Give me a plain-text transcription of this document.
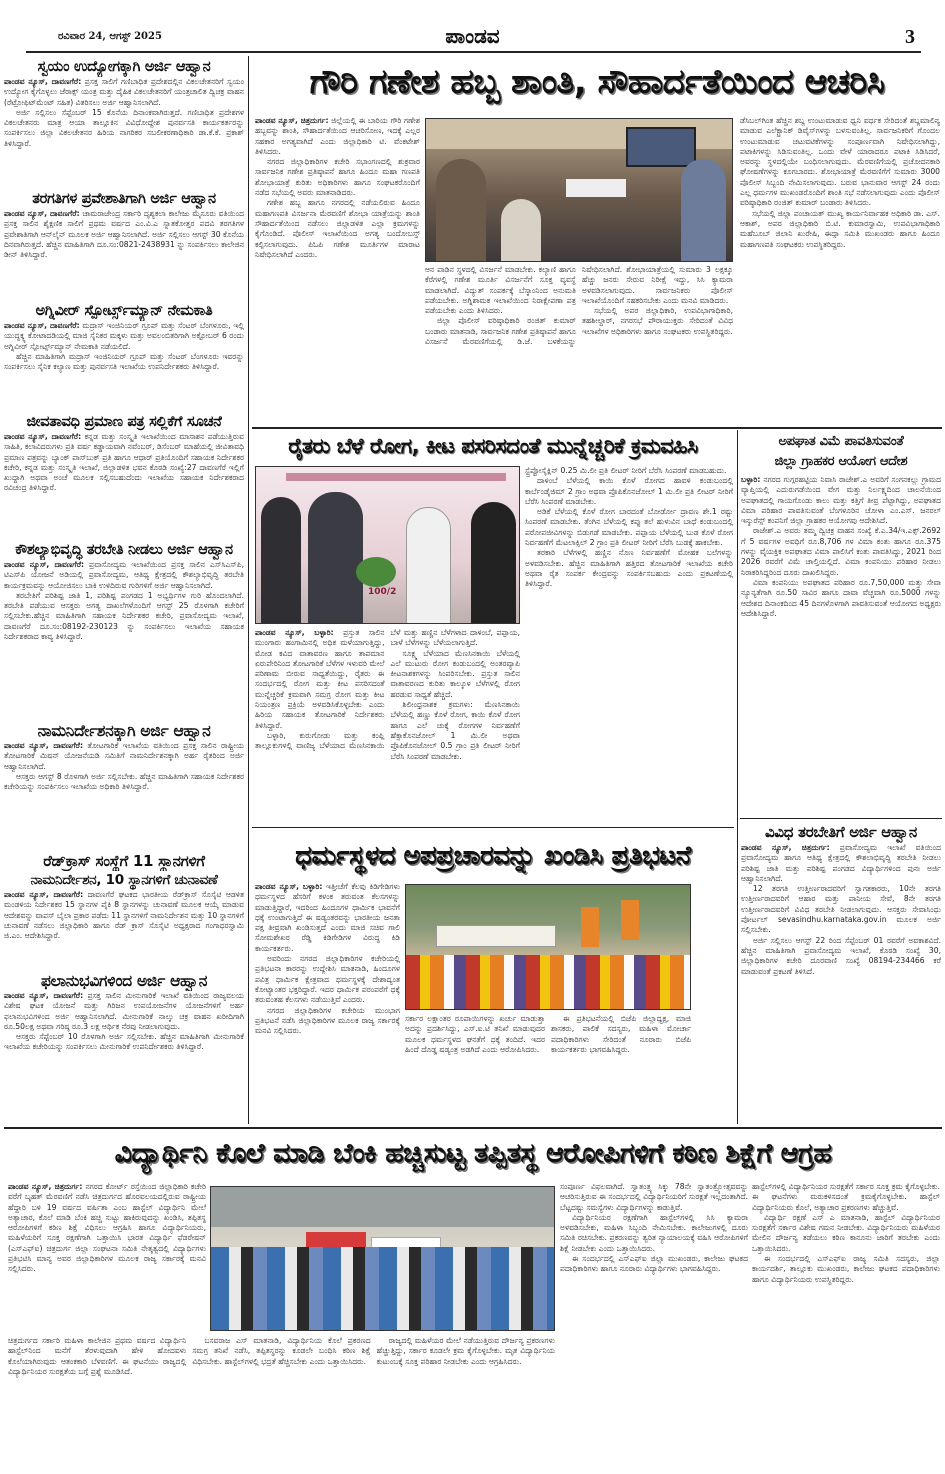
ರವಿವಾರ 24, ಆಗಸ್ಟ್ 2025	ಪಾಂಡವ	3
ಸ್ವಯಂ ಉದ್ಯೋಗಕ್ಕಾಗಿ ಅರ್ಜಿ ಆಹ್ವಾನ

ಪಾಂಡವ ನ್ಯೂಸ್, ದಾವಣಗೆರೆ: ಪ್ರಸಕ್ತ ಸಾಲಿಗೆ ಗಣಿಬಾಧಿತ ಪ್ರದೇಶದಲ್ಲಿನ ವಿಕಲಚೇತನರಿಗೆ ಸ್ವಯಂ ಉದ್ಯೋಗ ಕೈಗೊಳ್ಳಲು ಜೆರಾಕ್ಸ್ ಯಂತ್ರ ಮತ್ತು ದೈಹಿಕ ವಿಕಲಚೇತನರಿಗೆ ಯಂತ್ರಚಾಲಿತ ದ್ವಿಚಕ್ರ ವಾಹನ (ರೆಟ್ರೋಫಿಟ್‌ಮೆಂಟ್ ಸಹಿತ) ವಿತರಿಸಲು ಅರ್ಜಿ ಆಹ್ವಾನಿಸಲಾಗಿದೆ.

ಅರ್ಜಿ ಸಲ್ಲಿಸಲು ಸೆಪ್ಟೆಂಬರ್ 15 ಕೊನೆಯ ದಿನಾಂಕವಾಗಿರುತ್ತದೆ. ಗಣಿಬಾಧಿತ ಪ್ರದೇಶಗಳ ವಿಕಲಚೇತನರು ಮಾತ್ರ ಆಯಾ ತಾಲ್ಲೂಕಿನ ವಿವಿಧೋದ್ದೇಶ ಪುನರ್ವಸತಿ ಕಾರ್ಯಕರ್ತರನ್ನು ಸಂಪರ್ಕಿಸಲು ಜಿಲ್ಲಾ ವಿಕಲಚೇತನರ ಹಿರಿಯ ನಾಗರಿಕರ ಸಬಲೀಕರಣಾಧಿಕಾರಿ ಡಾ.ಕೆ.ಕೆ. ಪ್ರಕಾಶ್ ತಿಳಿಸಿದ್ದಾರೆ.

ತರಗತಿಗಳ ಪ್ರವೇಶಾತಿಗಾಗಿ ಅರ್ಜಿ ಆಹ್ವಾನ

ಪಾಂಡವ ನ್ಯೂಸ್, ದಾವಣಗೆರೆ: ಚಾಮರಾಜೇಂದ್ರ ಸರ್ಕಾರಿ ದೃಶ್ಯಕಲಾ ಕಾಲೇಜು ಮೈಸೂರು ವತಿಯಿಂದ ಪ್ರಸಕ್ತ ಸಾಲಿನ ಶೈಕ್ಷಣಿಕ ಸಾಲಿಗೆ ಪ್ರಥಮ ವರ್ಷದ ಎಂ.ವಿ.ಎ ಸ್ನಾತಕೋತ್ತರ ಪದವಿ ತರಗತಿಗಳ ಪ್ರವೇಶಾತಿಗಾಗಿ ಆನ್‌ಲೈನ್ ಮೂಲಕ ಅರ್ಜಿ ಆಹ್ವಾನಿಸಲಾಗಿದೆ. ಅರ್ಜಿ ಸಲ್ಲಿಸಲು ಆಗಸ್ಟ್ 30 ಕೊನೆಯ ದಿನವಾಗಿರುತ್ತದೆ. ಹೆಚ್ಚಿನ ಮಾಹಿತಿಗಾಗಿ ದೂ.ಸಂ:0821-2438931 ನ್ನು ಸಂಪರ್ಕಿಸಲು ಕಾಲೇಜಿನ ಡೀನ್ ತಿಳಿಸಿದ್ದಾರೆ.

ಅಗ್ನಿವೀರ್ ಸ್ಪೋರ್ಟ್ಸ್‌ಮ್ಯಾನ್ ನೇಮಕಾತಿ

ಪಾಂಡವ ನ್ಯೂಸ್, ದಾವಣಗೆರೆ: ಮದ್ರಾಸ್ ಇಂಜಿನಿಯರ್ ಗ್ರೂಪ್ ಮತ್ತು ಸೆಂಟರ್ ಬೆಂಗಳೂರು, ಇಲ್ಲಿ ಯುದ್ಧಕ್ಕ್ಯ ಕೋಟಾದಡಿಯಲ್ಲಿ ಮಾಜಿ ಸೈನಿಕರ ಮಕ್ಕಳು ಮತ್ತು ಅವಲಂಬಿತರಿಗಾಗಿ ಅಕ್ಟೋಬರ್ 6 ರಂದು ಅಗ್ನಿವೀರ್ ಸ್ಪೋರ್ಟ್ಸ್‌ಮ್ಯಾನ್ ನೇಮಕಾತಿ ನಡೆಯಲಿದೆ.

ಹೆಚ್ಚಿನ ಮಾಹಿತಿಗಾಗಿ ಮದ್ರಾಸ್ ಇಂಜಿನಿಯರ್ ಗ್ರೂಪ್ ಮತ್ತು ಸೆಂಟರ್ ಬೆಂಗಳೂರು ಇವರನ್ನು ಸಂಪರ್ಕಿಸಲು ಸೈನಿಕ ಕಲ್ಯಾಣ ಮತ್ತು ಪುನರ್ವಸತಿ ಇಲಾಖೆಯ ಉಪನಿರ್ದೇಶಕರು ತಿಳಿಸಿದ್ದಾರೆ.

ಜೀವತಾವಧಿ ಪ್ರಮಾಣ ಪತ್ರ ಸಲ್ಲಿಕೆಗೆ ಸೂಚನೆ

ಪಾಂಡವ ನ್ಯೂಸ್, ದಾವಣಗೆರೆ: ಕನ್ನಡ ಮತ್ತು ಸಂಸ್ಕೃತಿ ಇಲಾಖೆಯಿಂದ ಮಾಸಾಶನ ಪಡೆಯುತ್ತಿರುವ ಸಾಹಿತಿ, ಕಲಾವಿದರುಗಳು ಪ್ರತಿ ವರ್ಷ ಕಡ್ಡಾಯವಾಗಿ ನವೆಂಬರ್, ಡಿಸೆಂಬರ್ ಮಾಹೆಯಲ್ಲಿ ಜೀವಿತಾವಧಿ ಪ್ರಮಾಣ ಪತ್ರವನ್ನು ಬ್ಯಾಂಕ್ ಪಾಸ್‌ಬುಕ್ ಪ್ರತಿ ಹಾಗೂ ಆಧಾರ್ ಪ್ರತಿಯೊಂದಿಗೆ ಸಹಾಯಕ ನಿರ್ದೇಶಕರ ಕಚೇರಿ, ಕನ್ನಡ ಮತ್ತು ಸಂಸ್ಕೃತಿ ಇಲಾಖೆ, ಜಿಲ್ಲಾಡಳಿತ ಭವನ ಕೊಠಡಿ ಸಂಖ್ಯೆ:27 ದಾವಣಗೆರೆ ಇಲ್ಲಿಗೆ ಖುದ್ದಾಗಿ ಅಥವಾ ಅಂಚೆ ಮೂಲಕ ಸಲ್ಲಿಸಬಹುದೆಂದು ಇಲಾಖೆಯ ಸಹಾಯಕ ನಿರ್ದೇಶಕರಾದ ರವಿಚಂದ್ರ ತಿಳಿಸಿದ್ದಾರೆ.

ಕೌಶಲ್ಯಾಭಿವೃದ್ಧಿ ತರಬೇತಿ ನೀಡಲು ಅರ್ಜಿ ಆಹ್ವಾನ

ಪಾಂಡವ ನ್ಯೂಸ್, ದಾವಣಗೆರೆ: ಪ್ರವಾಸೋದ್ಯಮ ಇಲಾಖೆಯಿಂದ ಪ್ರಸಕ್ತ ಸಾಲಿನ ಎಸ್‌ಸಿಎಸ್‌ಪಿ, ಟಿಎಸ್‌ಪಿ ಯೋಜನೆ ಅಡಿಯಲ್ಲಿ ಪ್ರವಾಸೋದ್ಯಮ, ಆತಿಥ್ಯ ಕ್ಷೇತ್ರದಲ್ಲಿ ಕೌಶಲ್ಯಾಭಿವೃದ್ಧಿ ತರಬೇತಿ ಕಾರ್ಯಕ್ರಮವನ್ನು ಆಯೋಜಿಸಲು ಬಾಕಿ ಉಳಿದಿರುವ ಗುರಿಗಳಿಗೆ ಅರ್ಜಿ ಆಹ್ವಾನಿಸಲಾಗಿದೆ.

ತರಬೇತಿಗೆ ಪರಿಶಿಷ್ಟ ಜಾತಿ 1, ಪರಿಶಿಷ್ಟ ಪಂಗಡದ 1 ಅಭ್ಯರ್ಥಿಗಳ ಗುರಿ ಹೊಂದಲಾಗಿದೆ. ತರಬೇತಿ ಪಡೆಯುವ ಆಸಕ್ತರು ಅಗತ್ಯ ದಾಖಲೆಗಳೊಂದಿಗೆ ಆಗಸ್ಟ್ 25 ರೊಳಗಾಗಿ ಕಚೇರಿಗೆ ಸಲ್ಲಿಸಬೇಕು.ಹೆಚ್ಚಿನ ಮಾಹಿತಿಗಾಗಿ ಸಹಾಯಕ ನಿರ್ದೇಶಕರ ಕಚೇರಿ, ಪ್ರವಾಸೋದ್ಯಮ ಇಲಾಖೆ, ದಾವಣಗೆರೆ ದೂ.ಸಂ:08192-230123 ನ್ನು ಸಂಪರ್ಕಿಸಲು ಇಲಾಖೆಯ ಸಹಾಯಕ ನಿರ್ದೇಶಕರಾದ ಕಾವ್ಯ ತಿಳಿಸಿದ್ದಾರೆ.

ನಾಮನಿರ್ದೇಶನಕ್ಕಾಗಿ ಅರ್ಜಿ ಆಹ್ವಾನ

ಪಾಂಡವ ನ್ಯೂಸ್, ದಾವಣಗೆರೆ: ತೋಟಗಾರಿಕೆ ಇಲಾಖೆಯ ವತಿಯಿಂದ ಪ್ರಸಕ್ತ ಸಾಲಿನ ರಾಷ್ಟ್ರೀಯ ತೋಟಗಾರಿಕೆ ಮಿಷನ್ ಯೋಜನೆಯಡಿ ಸಮಿತಿಗೆ ನಾಮನಿರ್ದೇಶನಕ್ಕಾಗಿ ಅರ್ಹ ರೈತರಿಂದ ಅರ್ಜಿ ಆಹ್ವಾನಿಸಲಾಗಿದೆ.

ಆಸಕ್ತರು ಆಗಸ್ಟ್ 8 ರೊಳಗಾಗಿ ಅರ್ಜಿ ಸಲ್ಲಿಸಬೇಕು. ಹೆಚ್ಚಿನ ಮಾಹಿತಿಗಾಗಿ ಸಹಾಯಕ ನಿರ್ದೇಶಕರ ಕಚೇರಿಯನ್ನು ಸಂಪರ್ಕಿಸಲು ಇಲಾಖೆಯ ಅಧಿಕಾರಿ ತಿಳಿಸಿದ್ದಾರೆ.

ರೆಡ್‌ಕ್ರಾಸ್ ಸಂಸ್ಥೆಗೆ 11 ಸ್ಥಾನಗಳಿಗೆ
ನಾಮನಿರ್ದೇಶನ, 10 ಸ್ಥಾನಗಳಿಗೆ ಚುನಾವಣೆ

ಪಾಂಡವ ನ್ಯೂಸ್, ದಾವಣಗೆರೆ: ದಾವಣಗೆರೆ ಘಟಕದ ಭಾರತೀಯ ರೆಡ್‌ಕ್ರಾಸ್ ಸೊಸೈಟಿ ಆಡಳಿತ ಮಂಡಳಿಯ ನಿರ್ದೇಶಕರ 15 ಸ್ಥಾನಗಳ ಪೈಕಿ 8 ಸ್ಥಾನಗಳನ್ನು ಚುನಾವಣೆ ಮೂಲಕ ಆಯ್ಕೆ ಮಾಡುವ ಆದೇಶವನ್ನು ವಾಪಸ್ ಬೈಲಾ ಪ್ರಕಾರ ಪಡೆದು 11 ಸ್ಥಾನಗಳಿಗೆ ನಾಮನಿರ್ದೇಶನ ಮತ್ತು 10 ಸ್ಥಾನಗಳಿಗೆ ಚುನಾವಣೆ ನಡೆಸಲು ಜಿಲ್ಲಾಧಿಕಾರಿ ಹಾಗೂ ರೆಡ್ ಕ್ರಾಸ್ ಸೊಸೈಟಿ ಅಧ್ಯಕ್ಷರಾದ ಗಂಗಾಧರಸ್ವಾಮಿ ಜಿ.ಎಂ. ಆದೇಶಿಸಿದ್ದಾರೆ.

ಫಲಾನುಭವಿಗಳಿಂದ ಅರ್ಜಿ ಆಹ್ವಾನ

ಪಾಂಡವ ನ್ಯೂಸ್, ದಾವಣಗೆರೆ: ಪ್ರಸಕ್ತ ಸಾಲಿನ ಮೀನುಗಾರಿಕೆ ಇಲಾಖೆ ವತಿಯಿಂದ ರಾಜ್ಯವಲಯ ವಿಶೇಷ ಘಟಕ ಯೋಜನೆ ಮತ್ತು ಗಿರಿಜನ ಉಪಯೋಜನೆಗಳ ಯೋಜನೆಗಳಿಗೆ ಅರ್ಹ ಫಲಾನುಭವಿಗಳಿಂದ ಅರ್ಜಿ ಆಹ್ವಾನಿಸಲಾಗಿದೆ. ಮೀನುಗಾರಿಕೆ ನಾಲ್ಕು ಚಕ್ರ ವಾಹನ ಖರೀದಿಗಾಗಿ ರೂ.50ಲಕ್ಷ ಅಥವಾ ಗರಿಷ್ಠ ರೂ.3 ಲಕ್ಷ ಆರ್ಥಿಕ ನೆರವು ನೀಡಲಾಗುವುದು.

ಆಸಕ್ತರು ಸೆಪ್ಟೆಂಬರ್ 10 ರೊಳಗಾಗಿ ಅರ್ಜಿ ಸಲ್ಲಿಸಬೇಕು. ಹೆಚ್ಚಿನ ಮಾಹಿತಿಗಾಗಿ ಮೀನುಗಾರಿಕೆ ಇಲಾಖೆಯ ಕಚೇರಿಯನ್ನು ಸಂಪರ್ಕಿಸಲು ಮೀನುಗಾರಿಕೆ ಉಪನಿರ್ದೇಶಕರು ತಿಳಿಸಿದ್ದಾರೆ.

ಗೌರಿ ಗಣೇಶ ಹಬ್ಬ ಶಾಂತಿ, ಸೌಹಾರ್ದತೆಯಿಂದ ಆಚರಿಸಿ

ಪಾಂಡವ ನ್ಯೂಸ್, ಚಿತ್ರದುರ್ಗ: ಜಿಲ್ಲೆಯಲ್ಲಿ ಈ ಬಾರಿಯ ಗೌರಿ ಗಣೇಶ ಹಬ್ಬವನ್ನು ಶಾಂತಿ, ಸೌಹಾರ್ದತೆಯಿಂದ ಆಚರಿಸೋಣ, ಇದಕ್ಕೆ ಎಲ್ಲರ ಸಹಕಾರ ಅಗತ್ಯವಾಗಿದೆ ಎಂದು ಜಿಲ್ಲಾಧಿಕಾರಿ ಟಿ. ವೆಂಕಟೇಶ್ ತಿಳಿಸಿದರು.

ನಗರದ ಜಿಲ್ಲಾಧಿಕಾರಿಗಳ ಕಚೇರಿ ಸಭಾಂಗಣದಲ್ಲಿ ಶುಕ್ರವಾರ ಸಾರ್ವಜನಿಕ ಗಣೇಶ ಪ್ರತಿಷ್ಠಾಪನೆ ಹಾಗೂ ಹಿಂದೂ ಮಹಾ ಗಣಪತಿ ಶೋಭಾಯಾತ್ರೆ ಕುರಿತು ಅಧಿಕಾರಿಗಳು ಹಾಗೂ ಸಂಘಟಕರೊಂದಿಗೆ ನಡೆದ ಸಭೆಯಲ್ಲಿ ಅವರು ಮಾತನಾಡಿದರು.

ಗಣೇಶ ಹಬ್ಬ ಹಾಗೂ ನಗರದಲ್ಲಿ ನಡೆಯಲಿರುವ ಹಿಂದೂ ಮಹಾಗಣಪತಿ ವಿಸರ್ಜನಾ ಮೆರವಣಿಗೆ ಶೋಭಾ ಯಾತ್ರೆಯನ್ನು ಶಾಂತಿ ಸೌಹಾರ್ದತೆಯಿಂದ ನಡೆಸಲು ಜಿಲ್ಲಾಡಳಿತ ಎಲ್ಲಾ ಕ್ರಮಗಳನ್ನು ಕೈಗೊಂಡಿದೆ. ಪೊಲೀಸ್ ಇಲಾಖೆಯಿಂದ ಅಗತ್ಯ ಬಂದೋಬಸ್ತ್ ಕಲ್ಪಿಸಲಾಗುವುದು. ಪಿಓಪಿ ಗಣೇಶ ಮೂರ್ತಿಗಳ ಮಾರಾಟ ನಿಷೇಧಿಸಲಾಗಿದೆ ಎಂದರು.

ಆನ ಪಾಡಿನ ಸ್ಥಳದಲ್ಲಿ ವಿಸರ್ಜನೆ ಮಾಡಬೇಕು. ಕಲ್ಯಾಣಿ ಹಾಗೂ ಕೆರೆಗಳಲ್ಲಿ ಗಣೇಶ ಮೂರ್ತಿ ವಿಸರ್ಜನೆಗೆ ಸೂಕ್ತ ವ್ಯವಸ್ಥೆ ಮಾಡಲಾಗಿದೆ. ವಿದ್ಯುತ್ ಸಂಪರ್ಕಕ್ಕೆ ಬೆಸ್ಕಾಂನಿಂದ ಅನುಮತಿ ಪಡೆಯಬೇಕು. ಅಗ್ನಿಶಾಮಕ ಇಲಾಖೆಯಿಂದ ನಿರಾಕ್ಷೇಪಣಾ ಪತ್ರ ಪಡೆಯಬೇಕು ಎಂದು ತಿಳಿಸಿದರು.

ಜಿಲ್ಲಾ ಪೊಲೀಸ್ ವರಿಷ್ಠಾಧಿಕಾರಿ ರಂಜಿತ್ ಕುಮಾರ್ ಬಂಡಾರು ಮಾತನಾಡಿ, ಸಾರ್ವಜನಿಕ ಗಣೇಶ ಪ್ರತಿಷ್ಠಾಪನೆ ಹಾಗೂ ವಿಸರ್ಜನೆ ಮೆರವಣಿಗೆಯಲ್ಲಿ ಡಿ.ಜೆ. ಬಳಕೆಯನ್ನು ನಿಷೇಧಿಸಲಾಗಿದೆ. ಶೋಭಾಯಾತ್ರೆಯಲ್ಲಿ ಸುಮಾರು 3 ಲಕ್ಷಕ್ಕೂ ಹೆಚ್ಚು ಜನರು ಸೇರುವ ನಿರೀಕ್ಷೆ ಇದ್ದು, ಸಿಸಿ ಕ್ಯಾಮರಾ ಅಳವಡಿಸಲಾಗುವುದು. ಸಾರ್ವಜನಿಕರು ಪೊಲೀಸ್ ಇಲಾಖೆಯೊಂದಿಗೆ ಸಹಕರಿಸಬೇಕು ಎಂದು ಮನವಿ ಮಾಡಿದರು.

ಸಭೆಯಲ್ಲಿ ಅಪರ ಜಿಲ್ಲಾಧಿಕಾರಿ, ಉಪವಿಭಾಗಾಧಿಕಾರಿ, ತಹಶೀಲ್ದಾರ್, ನಗರಸಭೆ ಪೌರಾಯುಕ್ತರು ಸೇರಿದಂತೆ ವಿವಿಧ ಇಲಾಖೆಗಳ ಅಧಿಕಾರಿಗಳು ಹಾಗೂ ಸಂಘಟಕರು ಉಪಸ್ಥಿತರಿದ್ದರು.

ಡೆಸಿಬಲ್‌ಗಿಂತ ಹೆಚ್ಚಿನ ಶಬ್ದ ಉಂಟುಮಾಡುವ ಧ್ವನಿ ವರ್ಧಕ ಸೇರಿದಂತೆ ಶಬ್ದಮಾಲಿನ್ಯ ಮಾಡುವ ಎಲೆಕ್ಟ್ರಾನಿಕ್ ಡಿವೈಸ್‌ಗಳನ್ನು ಬಳಸುವಂತಿಲ್ಲ. ಸಾರ್ವಜನಿಕರಿಗೆ ಗೊಂದಲ ಉಂಟುಮಾಡುವ ಚಟುವಟಿಕೆಗಳನ್ನು ಸಂಪೂರ್ಣವಾಗಿ ನಿಷೇಧಿಸಲಾಗಿದ್ದು, ಪಟಾಕಿಗಳನ್ನು ಸಿಡಿಸುವಂತಿಲ್ಲ. ಒಂದು ವೇಳೆ ಯಾರಾದರೂ ಪಟಾಕಿ ಸಿಡಿಸಿದರೆ, ಅವರನ್ನು ಸ್ಥಳದಲ್ಲಿಯೇ ಬಂಧಿಸಲಾಗುವುದು. ಮೆರವಣಿಗೆಯಲ್ಲಿ ಪ್ರಚೋದನಕಾರಿ ಘೋಷಣೆಗಳನ್ನು ಕೂಗಬಾರದು. ಶೋಭಾಯಾತ್ರೆ ಮೆರವಣಿಗೆಗೆ ಸುಮಾರು 3000 ಪೊಲೀಸ್ ಸಿಬ್ಬಂದಿ ನೇಮಿಸಲಾಗುವುದು. ಬರುವ ಭಾನುವಾರ ಆಗಸ್ಟ್ 24 ರಂದು ಎಲ್ಲ ಧರ್ಮಗಳ ಮುಖಂಡರೊಂದಿಗೆ ಶಾಂತಿ ಸಭೆ ನಡೆಸಲಾಗುವುದು ಎಂದು ಪೊಲೀಸ್ ವರಿಷ್ಠಾಧಿಕಾರಿ ರಂಜಿತ್ ಕುಮಾರ್ ಬಂಡಾರು ತಿಳಿಸಿದರು.

ಸಭೆಯಲ್ಲಿ ಜಿಲ್ಲಾ ಪಂಚಾಯತ್ ಮುಖ್ಯ ಕಾರ್ಯನಿರ್ವಾಹಕ ಅಧಿಕಾರಿ ಡಾ. ಎಸ್. ಆಕಾಶ್, ಅಪರ ಜಿಲ್ಲಾಧಿಕಾರಿ ಬಿ.ಟಿ. ಕುಮಾರಸ್ವಾಮಿ, ಉಪವಿಭಾಗಾಧಿಕಾರಿ ಮಹೆಬೂಬ್ ಜಿಲಾನಿ ಖುರೇಷಿ, ಈದ್ಗಾ ಸಮಿತಿ ಮುಖಂಡರು ಹಾಗೂ ಹಿಂದೂ ಮಹಾಗಣಪತಿ ಸಂಘಟಕರು ಉಪಸ್ಥಿತರಿದ್ದರು.

ರೈತರು ಬೆಳೆ ರೋಗ, ಕೀಟ ಪಸರಿಸದಂತೆ ಮುನ್ನೆಚ್ಚರಿಕೆ ಕ್ರಮವಹಿಸಿ
100/2

ಸ್ಟ್ರೆಪ್ಟೋಸೈಕ್ಲಿನ್ 0.25 ಮಿ.ಲೀ ಪ್ರತಿ ಲೀಟರ್ ನೀರಿಗೆ ಬೆರೆಸಿ ಸಿಂಪರಣೆ ಮಾಡಬಹುದು.

ದಾಳಿಂಬೆ ಬೆಳೆಯಲ್ಲಿ ಕಾಯಿ ಕೊಳೆ ರೋಗದ ಹಾವಳಿ ಕಂಡುಬಂದಲ್ಲಿ ಕಾರ್ಬೆಂಡೈಜಿಮ್ 2 ಗ್ರಾಂ ಅಥವಾ ಪ್ರೊಪಿಕೊನಜೋಲ್ 1 ಮಿ.ಲೀ ಪ್ರತಿ ಲೀಟರ್ ನೀರಿಗೆ ಬೆರೆಸಿ ಸಿಂಪರಣೆ ಮಾಡಬೇಕು.

ಅಡಿಕೆ ಬೆಳೆಯಲ್ಲಿ ಕೊಳೆ ರೋಗ ಬಾರದಂತೆ ಬೋರ್ಡೋ ದ್ರಾವಣ ಶೇ.1 ರಷ್ಟು ಸಿಂಪರಣೆ ಮಾಡಬೇಕು. ತೆಂಗಿನ ಬೆಳೆಯಲ್ಲಿ ಕಪ್ಪು ತಲೆ ಹುಳುವಿನ ಬಾಧೆ ಕಂಡುಬಂದಲ್ಲಿ ಪರೋಪಜೀವಿಗಳನ್ನು ಬಿಡುಗಡೆ ಮಾಡಬೇಕು. ಪಪ್ಪಾಯ ಬೆಳೆಯಲ್ಲಿ ಬುಡ ಕೊಳೆ ರೋಗ ನಿರ್ವಹಣೆಗೆ ಮೆಟಲಾಕ್ಸಿಲ್ 2 ಗ್ರಾಂ ಪ್ರತಿ ಲೀಟರ್ ನೀರಿಗೆ ಬೆರೆಸಿ ಬುಡಕ್ಕೆ ಹಾಕಬೇಕು.

ತರಕಾರಿ ಬೆಳೆಗಳಲ್ಲಿ ಹಣ್ಣಿನ ನೊಣ ನಿರ್ವಹಣೆಗೆ ಮೋಹಕ ಬಲೆಗಳನ್ನು ಅಳವಡಿಸಬೇಕು. ಹೆಚ್ಚಿನ ಮಾಹಿತಿಗಾಗಿ ಹತ್ತಿರದ ತೋಟಗಾರಿಕೆ ಇಲಾಖೆಯ ಕಚೇರಿ ಅಥವಾ ರೈತ ಸಂಪರ್ಕ ಕೇಂದ್ರವನ್ನು ಸಂಪರ್ಕಿಸಬಹುದು ಎಂದು ಪ್ರಕಟಣೆಯಲ್ಲಿ ತಿಳಿಸಿದ್ದಾರೆ.

ಪಾಂಡವ ನ್ಯೂಸ್, ಬಳ್ಳಾರಿ: ಪ್ರಸ್ತುತ ಸಾಲಿನ ಮುಂಗಾರು ಹಂಗಾಮಿನಲ್ಲಿ ಅಧಿಕ ಮಳೆಯಾಗುತ್ತಿದ್ದು, ಮೋಡ ಕವಿದ ವಾತಾವರಣ ಹಾಗೂ ತಾಪಮಾನ ಏರುಪೇರಿನಿಂದ ತೋಟಗಾರಿಕೆ ಬೆಳೆಗಳ ಇಳುವರಿ ಮೇಲೆ ಪರಿಣಾಮ ಬೀರುವ ಸಾಧ್ಯತೆಯಿದ್ದು, ರೈತರು ಈ ಸಂದರ್ಭದಲ್ಲಿ ರೋಗ ಮತ್ತು ಕೀಟ ಪಸರಿಸದಂತೆ ಮುನ್ನೆಚ್ಚರಿಕೆ ಕ್ರಮವಾಗಿ ಸಮಗ್ರ ರೋಗ ಮತ್ತು ಕೀಟ ನಿಯಂತ್ರಣ ಪ್ರಕ್ರಿಯೆ ಅಳವಡಿಸಿಕೊಳ್ಳಬೇಕು ಎಂದು ಹಿರಿಯ ಸಹಾಯಕ ತೋಟಗಾರಿಕೆ ನಿರ್ದೇಶಕರು ತಿಳಿಸಿದ್ದಾರೆ.

ಬಳ್ಳಾರಿ, ಕುರುಗೋಡು ಮತ್ತು ಕಂಪ್ಲಿ ತಾಲ್ಲೂಕುಗಳಲ್ಲಿ ವಾಣಿಜ್ಯ ಬೆಳೆಯಾದ ಮೆಣಸಿನಕಾಯಿ ಬೆಳೆ ಮತ್ತು ಹಣ್ಣಿನ ಬೆಳೆಗಳಾದ ದಾಳಿಂಬೆ, ಪಪ್ಪಾಯ, ಬಾಳೆ ಬೆಳೆಗಳನ್ನು ಬೆಳೆಯಲಾಗುತ್ತಿದೆ.

ಸೂಕ್ಷ್ಮ ಬೆಳೆಯಾದ ಮೆಣಸಿನಕಾಯಿ ಬೆಳೆಯಲ್ಲಿ ಎಲೆ ಮುಟುರು ರೋಗ ಕಂಡುಬಂದಲ್ಲಿ ಅಂತರವ್ಯಾಪಿ ಕೀಟನಾಶಕಗಳನ್ನು ಸಿಂಪರಿಸಬೇಕು. ಪ್ರಸ್ತುತ ಸಾಲಿನ ವಾತಾವರಣದ ಕುರಿತು ಕಾಲ್ಕೂಳ ಬೆಳೆಗಳಲ್ಲಿ ರೋಗ ಹರಡುವ ಸಾಧ್ಯತೆ ಹೆಚ್ಚಿದೆ.

ಶಿಲೀಂಧ್ರನಾಶಕ ಕ್ರಮಗಳು: ಮೆಣಸಿನಕಾಯಿ ಬೆಳೆಯಲ್ಲಿ ಹಣ್ಣು ಕೊಳೆ ರೋಗ, ಕಾಯಿ ಕೊಳೆ ರೋಗ ಹಾಗೂ ಎಲೆ ಚುಕ್ಕೆ ರೋಗಗಳ ನಿರ್ವಹಣೆಗೆ ಹೆಕ್ಸಾಕೊನಜೋಲ್ 1 ಮಿ.ಲೀ ಅಥವಾ ಪ್ರೊಪಿಕೊನಜೋಲ್ 0.5 ಗ್ರಾಂ ಪ್ರತಿ ಲೀಟರ್ ನೀರಿಗೆ ಬೆರೆಸಿ ಸಿಂಪರಣೆ ಮಾಡಬೇಕು.

ಅಪಘಾತ ವಿಮೆ ಪಾವತಿಸುವಂತೆ
ಜಿಲ್ಲಾ ಗ್ರಾಹಕರ ಆಯೋಗ ಆದೇಶ

ಬಳ್ಳಾರಿ: ನಗರದ ಗುಗ್ಗರಹಟ್ಟಿಯ ನಿವಾಸಿ ರಾಜೇಶ್.ಎ ಅವರಿಗೆ ಸಂಗನಕಲ್ಲು ಗ್ರಾಮದ ವ್ಯಾಪ್ತಿಯಲ್ಲಿ ಎದುರುಗಡೆಯಿಂದ ವೇಗ ಮತ್ತು ನಿರ್ಲಕ್ಷ್ಯದಿಂದ ಚಾಲನೆಯಿಂದ ಅಪಘಾತದಲ್ಲಿ ಗಾಯಗೊಂಡು ಕಾಲು ಮತ್ತು ಕತ್ತಿಗೆ ತೀವ್ರ ಪೆಟ್ಟಾಗಿದ್ದು, ಅಪಘಾತದ ವಿಮಾ ಪರಿಹಾರ ಪಾವತಿಸುವಂತೆ ಬೆಂಗಳೂರಿನ ಚೋಳಾ ಎಂ.ಎಸ್. ಜನರಲ್ ಇನ್ಶುರೆನ್ಸ್ ಕಂಪನಿಗೆ ಜಿಲ್ಲಾ ಗ್ರಾಹಕರ ಆಯೋಗವು ಆದೇಶಿಸಿದೆ.

ರಾಜೇಶ್.ಎ ಅವರು ತಮ್ಮ ದ್ವಿಚಕ್ರ ವಾಹನ ಸಂಖ್ಯೆ ಕೆ.ಎ.34/ಇ.ಎಕ್ಸ್.2692 ಗೆ 5 ವರ್ಷಗಳ ಅವಧಿಗೆ ರೂ.8,706 ಗಳ ವಿಮಾ ಕಂತು ಹಾಗೂ ರೂ.375 ಗಳನ್ನು ವೈಯಕ್ತಿಕ ಅಪಘಾತದ ವಿಮಾ ಪಾಲಿಸಿಗೆ ಕಂತು ಪಾವತಿಸಿದ್ದು, 2021 ರಿಂದ 2026 ರವರೆಗೆ ವಿಮೆ ಚಾಲ್ತಿಯಲ್ಲಿದೆ. ವಿಮಾ ಕಂಪನಿಯು ಪರಿಹಾರ ನೀಡಲು ನಿರಾಕರಿಸಿದ್ದರಿಂದ ದೂರು ದಾಖಲಿಸಿದ್ದರು.

ವಿಮಾ ಕಂಪನಿಯು ಅಪಘಾತದ ಪರಿಹಾರ ರೂ.7,50,000 ಮತ್ತು ಸೇವಾ ನ್ಯೂನ್ಯತೆಗಾಗಿ ರೂ.50 ಸಾವಿರ ಹಾಗೂ ದಾವಾ ವೆಚ್ಚವಾಗಿ ರೂ.5000 ಗಳನ್ನು ಆದೇಶದ ದಿನಾಂಕದಿಂದ 45 ದಿನಗಳೊಳಗಾಗಿ ಪಾವತಿಸುವಂತೆ ಆಯೋಗದ ಅಧ್ಯಕ್ಷರು ಆದೇಶಿಸಿದ್ದಾರೆ.

ವಿವಿಧ ತರಬೇತಿಗೆ ಅರ್ಜಿ ಆಹ್ವಾನ

ಪಾಂಡವ ನ್ಯೂಸ್, ಚಿತ್ರದುರ್ಗ: ಪ್ರವಾಸೋದ್ಯಮ ಇಲಾಖೆ ವತಿಯಿಂದ ಪ್ರವಾಸೋದ್ಯಮ ಹಾಗೂ ಆತಿಥ್ಯ ಕ್ಷೇತ್ರದಲ್ಲಿ ಕೌಶಲಾಭಿವೃದ್ಧಿ ತರಬೇತಿ ನೀಡಲು ಪರಿಶಿಷ್ಟ ಜಾತಿ ಮತ್ತು ಪರಿಶಿಷ್ಟ ಪಂಗಡದ ವಿದ್ಯಾರ್ಥಿಗಳಿಂದ ಪುನಃ ಅರ್ಜಿ ಆಹ್ವಾನಿಸಲಾಗಿದೆ.

12 ತರಗತಿ ಉತ್ತೀರ್ಣರಾದವರಿಗೆ ಸ್ವಾಗತಕಾರರು, 10ನೇ ತರಗತಿ ಉತ್ತೀರ್ಣರಾದವರಿಗೆ ಆಹಾರ ಮತ್ತು ಪಾನೀಯ ಸೇವೆ, 8ನೇ ತರಗತಿ ಉತ್ತೀರ್ಣರಾದವರಿಗೆ ವಿವಿಧ ತರಬೇತಿ ನೀಡಲಾಗುವುದು. ಆಸಕ್ತರು ಸೇವಾಸಿಂಧು ಪೋರ್ಟಲ್ sevasindhu.karnataka.gov.in ಮೂಲಕ ಅರ್ಜಿ ಸಲ್ಲಿಸಬೇಕು.

ಅರ್ಜಿ ಸಲ್ಲಿಸಲು ಆಗಸ್ಟ್ 22 ರಿಂದ ಸೆಪ್ಟೆಂಬರ್ 01 ರವರೆಗೆ ಅವಕಾಶವಿದೆ. ಹೆಚ್ಚಿನ ಮಾಹಿತಿಗಾಗಿ ಪ್ರವಾಸೋದ್ಯಮ ಇಲಾಖೆ, ಕೊಠಡಿ ಸಂಖ್ಯೆ 30, ಜಿಲ್ಲಾಧಿಕಾರಿಗಳ ಕಚೇರಿ ದೂರವಾಣಿ ಸಂಖ್ಯೆ 08194-234466 ಕರೆ ಮಾಡುವಂತೆ ಪ್ರಕಟಣೆ ತಿಳಿಸಿದೆ.

ಧರ್ಮಸ್ಥಳದ ಅಪಪ್ರಚಾರವನ್ನು ಖಂಡಿಸಿ ಪ್ರತಿಭಟನೆ

ಪಾಂಡವ ನ್ಯೂಸ್, ಬಳ್ಳಾರಿ: ಇತ್ತೀಚೆಗೆ ಕೆಲವು ಕಿಡಿಗೇಡಿಗಳು ಧರ್ಮಸ್ಥಳದ ಹೆಸರಿಗೆ ಕಳಂಕ ತರುವಂತ ಕೆಲಸಗಳನ್ನು ಮಾಡುತ್ತಿದ್ದಾರೆ, ಇದರಿಂದ ಹಿಂದೂಗಳ ಧಾರ್ಮಿಕ ಭಾವನೆಗೆ ಧಕ್ಕೆ ಉಂಟಾಗುತ್ತಿದೆ ಈ ಷಡ್ಯಂತರವನ್ನು ಭಾರತೀಯ ಜನತಾ ಪಕ್ಷ ತೀವ್ರವಾಗಿ ಖಂಡಿಸುತ್ತದೆ ಎಂದು ಮಾಜಿ ಸಚಿವ ಗಾಲಿ ಸೋಮಶೇಖರ ರೆಡ್ಡಿ ಕಿಡಿಗೇಡಿಗಳ ವಿರುದ್ಧ ಕಿಡಿ ಕಾರ್ಯಕರ್ತರು.

ಅವರಿಂದು ನಗರದ ಜಿಲ್ಲಾಧಿಕಾರಿಗಳ ಕಚೇರಿಯಲ್ಲಿ ಪ್ರತಿಭಟನಾ ಕಾರರನ್ನು ಉದ್ದೇಶಿಸಿ ಮಾತನಾಡಿ, ಹಿಂದೂಗಳ ಪವಿತ್ರ ಧಾರ್ಮಿಕ ಕ್ಷೇತ್ರವಾದ ಧರ್ಮಸ್ಥಳಕ್ಕೆ ದೇಶಾದ್ಯಂತ ಕೋಟ್ಯಾಂತರ ಭಕ್ತರಿದ್ದಾರೆ. ಇದರ ಧಾರ್ಮಿಕ ಪರಂಪರೆಗೆ ಧಕ್ಕೆ ತರುವಂತಹ ಕೆಲಸಗಳು ನಡೆಯುತ್ತಿವೆ ಎಂದರು.

ನಗರದ ಜಿಲ್ಲಾಧಿಕಾರಿಗಳ ಕಚೇರಿಯ ಮುಂಭಾಗ ಪ್ರತಿಭಟನೆ ನಡೆಸಿ ಜಿಲ್ಲಾಧಿಕಾರಿಗಳ ಮೂಲಕ ರಾಜ್ಯ ಸರ್ಕಾರಕ್ಕೆ ಮನವಿ ಸಲ್ಲಿಸಿದರು.

ಸರ್ಕಾರ ಲಕ್ಷಾಂತರ ರೂಪಾಯಿಗಳನ್ನು ಖರ್ಚು ಮಾಡುತ್ತಾ ಅದನ್ನು ಪ್ರದರ್ಶಿಸಿದ್ದು, ಎಸ್.ಐ.ಟಿ ತನಿಖೆ ಮಾಡುವುದರ ಮೂಲಕ ಧರ್ಮಸ್ಥಳದ ಘನತೆಗೆ ಧಕ್ಕೆ ತಂದಿದೆ. ಇದರ ಹಿಂದೆ ದೊಡ್ಡ ಷಡ್ಯಂತ್ರ ಅಡಗಿದೆ ಎಂದು ಆರೋಪಿಸಿದರು.

ಈ ಪ್ರತಿಭಟನೆಯಲ್ಲಿ ಬಿಜೆಪಿ ಜಿಲ್ಲಾಧ್ಯಕ್ಷ, ಮಾಜಿ ಶಾಸಕರು, ಪಾಲಿಕೆ ಸದಸ್ಯರು, ಮಹಿಳಾ ಮೋರ್ಚಾ ಪದಾಧಿಕಾರಿಗಳು ಸೇರಿದಂತೆ ನೂರಾರು ಬಿಜೆಪಿ ಕಾರ್ಯಕರ್ತರು ಭಾಗವಹಿಸಿದ್ದರು.

ವಿದ್ಯಾರ್ಥಿನಿ ಕೊಲೆ ಮಾಡಿ ಬೆಂಕಿ ಹಚ್ಚಿಸುಟ್ಟ ತಪ್ಪಿತಸ್ಥ ಆರೋಪಿಗಳಿಗೆ ಕಠಿಣ ಶಿಕ್ಷೆಗೆ ಆಗ್ರಹ

ಪಾಂಡವ ನ್ಯೂಸ್, ಚಿತ್ರದುರ್ಗ: ನಗರದ ಕೋರ್ಟ್ ರಸ್ತೆಯಿಂದ ಜಿಲ್ಲಾಧಿಕಾರಿ ಕಚೇರಿ ವರೆಗೆ ಬೃಹತ್ ಮೆರವಣಿಗೆ ನಡೆಸಿ ಚಿತ್ರದುರ್ಗದ ಹೊರವಲಯದಲ್ಲಿರುವ ರಾಷ್ಟ್ರೀಯ ಹೆದ್ದಾರಿ ಬಳಿ 19 ವರ್ಷದ ವರ್ಷಿತಾ ಎಂಬ ಹಾಸ್ಟೆಲ್ ವಿದ್ಯಾರ್ಥಿನಿ ಮೇಲೆ ಅತ್ಯಾಚಾರ, ಕೊಲೆ ಮಾಡಿ ಬೆಂಕಿ ಹಚ್ಚಿ ಸುಟ್ಟು ಹಾಕಿರುವುದನ್ನು ಖಂಡಿಸಿ, ತಪ್ಪಿತಸ್ಥ ಆರೋಪಿಗಳಿಗೆ ಕಠಿಣ ಶಿಕ್ಷೆ ವಿಧಿಸಲು ಆಗ್ರಹಿಸಿ ಹಾಗೂ ವಿದ್ಯಾರ್ಥಿನಿಯರು, ಮಹಿಳೆಯರಿಗೆ ಸೂಕ್ತ ರಕ್ಷಣೆಗಾಗಿ ಒತ್ತಾಯಿಸಿ ಭಾರತ ವಿದ್ಯಾರ್ಥಿ ಫೆಡರೇಷನ್ (ಎಸ್‌ಎಫ್‌ಐ) ಚಿತ್ರದುರ್ಗ ಜಿಲ್ಲಾ ಸಂಘಟನಾ ಸಮಿತಿ ನೇತೃತ್ವದಲ್ಲಿ ವಿದ್ಯಾರ್ಥಿಗಳು ಪ್ರತಿಭಟಿಸಿ ಮಾನ್ಯ ಅವರ ಜಿಲ್ಲಾಧಿಕಾರಿಗಳ ಮೂಲಕ ರಾಜ್ಯ ಸರ್ಕಾರಕ್ಕೆ ಮನವಿ ಸಲ್ಲಿಸಿದರು.

ಚಿತ್ರದುರ್ಗದ ಸರ್ಕಾರಿ ಮಹಿಳಾ ಕಾಲೇಜಿನ ಪ್ರಥಮ ವರ್ಷದ ವಿದ್ಯಾರ್ಥಿನಿ ಹಾಸ್ಟೆಲ್‌ನಿಂದ ಮನೆಗೆ ತೆರಳುವುದಾಗಿ ಹೇಳಿ ಹೋದವಳು ಕೊಲೆಯಾಗಿರುವುದು ಆತಂಕಕಾರಿ ಬೆಳವಣಿಗೆ. ಈ ಘಟನೆಯು ರಾಜ್ಯದಲ್ಲಿ ವಿದ್ಯಾರ್ಥಿನಿಯರ ಸುರಕ್ಷತೆಯ ಬಗ್ಗೆ ಪ್ರಶ್ನೆ ಮೂಡಿಸಿದೆ.

ಬಸವರಾಜ ಎಸ್ ಮಾತನಾಡಿ, ವಿದ್ಯಾರ್ಥಿನಿಯ ಕೊಲೆ ಪ್ರಕರಣದ ಸಮಗ್ರ ತನಿಖೆ ನಡೆಸಿ, ತಪ್ಪಿತಸ್ಥರನ್ನು ಕೂಡಲೇ ಬಂಧಿಸಿ ಕಠಿಣ ಶಿಕ್ಷೆ ವಿಧಿಸಬೇಕು. ಹಾಸ್ಟೆಲ್‌ಗಳಲ್ಲಿ ಭದ್ರತೆ ಹೆಚ್ಚಿಸಬೇಕು ಎಂದು ಒತ್ತಾಯಿಸಿದರು.

ರಾಜ್ಯದಲ್ಲಿ ಮಹಿಳೆಯರ ಮೇಲೆ ನಡೆಯುತ್ತಿರುವ ದೌರ್ಜನ್ಯ ಪ್ರಕರಣಗಳು ಹೆಚ್ಚುತ್ತಿದ್ದು, ಸರ್ಕಾರ ಕೂಡಲೇ ಕ್ರಮ ಕೈಗೊಳ್ಳಬೇಕು. ಮೃತ ವಿದ್ಯಾರ್ಥಿನಿಯ ಕುಟುಂಬಕ್ಕೆ ಸೂಕ್ತ ಪರಿಹಾರ ನೀಡಬೇಕು ಎಂದು ಆಗ್ರಹಿಸಿದರು.

ಸಂಪೂರ್ಣ ವಿಫಲವಾಗಿದೆ. ಸ್ವಾತಂತ್ರ್ಯ ಸಿಕ್ಕು 78ನೇ ಸ್ವಾತಂತ್ರ್ಯೋತ್ಸವವನ್ನು ಆಚರಿಸುತ್ತಿರುವ ಈ ಸಂದರ್ಭದಲ್ಲಿ ವಿದ್ಯಾರ್ಥಿನಿಯರಿಗೆ ಸುರಕ್ಷತೆ ಇಲ್ಲದಂತಾಗಿದೆ. ಬೆಟ್ಟದಷ್ಟು ಸಮಸ್ಯೆಗಳು ವಿದ್ಯಾರ್ಥಿಗಳನ್ನು ಕಾಡುತ್ತಿವೆ.

ವಿದ್ಯಾರ್ಥಿನಿಯರ ರಕ್ಷಣೆಗಾಗಿ ಹಾಸ್ಟೆಲ್‌ಗಳಲ್ಲಿ ಸಿಸಿ ಕ್ಯಾಮರಾ ಅಳವಡಿಸಬೇಕು, ಮಹಿಳಾ ಸಿಬ್ಬಂದಿ ನೇಮಿಸಬೇಕು. ಕಾಲೇಜುಗಳಲ್ಲಿ ದೂರು ಸಮಿತಿ ರಚಿಸಬೇಕು. ಪ್ರಕರಣವನ್ನು ತ್ವರಿತ ನ್ಯಾಯಾಲಯಕ್ಕೆ ವಹಿಸಿ ಆರೋಪಿಗಳಿಗೆ ಶಿಕ್ಷೆ ನೀಡಬೇಕು ಎಂದು ಒತ್ತಾಯಿಸಿದರು.

ಈ ಸಂದರ್ಭದಲ್ಲಿ ಎಸ್‌ಎಫ್‌ಐ ಜಿಲ್ಲಾ ಮುಖಂಡರು, ಕಾಲೇಜು ಘಟಕದ ಪದಾಧಿಕಾರಿಗಳು ಹಾಗೂ ನೂರಾರು ವಿದ್ಯಾರ್ಥಿಗಳು ಭಾಗವಹಿಸಿದ್ದರು.

ಹಾಸ್ಟೆಲ್‌ಗಳಲ್ಲಿ ವಿದ್ಯಾರ್ಥಿನಿಯರ ಸುರಕ್ಷತೆಗೆ ಸರ್ಕಾರ ಸೂಕ್ತ ಕ್ರಮ ಕೈಗೊಳ್ಳಬೇಕು. ಈ ಘಟನೆಗಳು ಮರುಕಳಿಸದಂತೆ ಕ್ರಮಕೈಗೊಳ್ಳಬೇಕು. ಹಾಸ್ಟೆಲ್ ವಿದ್ಯಾರ್ಥಿನಿಯರು ಕೊಲೆ, ಅತ್ಯಾಚಾರ ಪ್ರಕರಣಗಳು ಹೆಚ್ಚುತ್ತಿವೆ.

ವಿದ್ಯಾರ್ಥಿ ರಕ್ಷಣೆ ಎಸ್ ಎ ಮಾತನಾಡಿ, ಹಾಸ್ಟೆಲ್ ವಿದ್ಯಾರ್ಥಿನಿಯರ ಸುರಕ್ಷತೆಗೆ ಸರ್ಕಾರ ವಿಶೇಷ ಗಮನ ನೀಡಬೇಕು. ವಿದ್ಯಾರ್ಥಿನಿಯರು ಮಹಿಳೆಯರ ಮೇಲಿನ ದೌರ್ಜನ್ಯ ತಡೆಯಲು ಕಠಿಣ ಕಾನೂನು ಜಾರಿಗೆ ತರಬೇಕು ಎಂದು ಒತ್ತಾಯಿಸಿದರು.

ಈ ಸಂದರ್ಭದಲ್ಲಿ ಎಸ್‌ಎಫ್‌ಐ ರಾಜ್ಯ ಸಮಿತಿ ಸದಸ್ಯರು, ಜಿಲ್ಲಾ ಕಾರ್ಯದರ್ಶಿ, ತಾಲ್ಲೂಕು ಮುಖಂಡರು, ಕಾಲೇಜು ಘಟಕದ ಪದಾಧಿಕಾರಿಗಳು ಹಾಗೂ ವಿದ್ಯಾರ್ಥಿನಿಯರು ಉಪಸ್ಥಿತರಿದ್ದರು.
